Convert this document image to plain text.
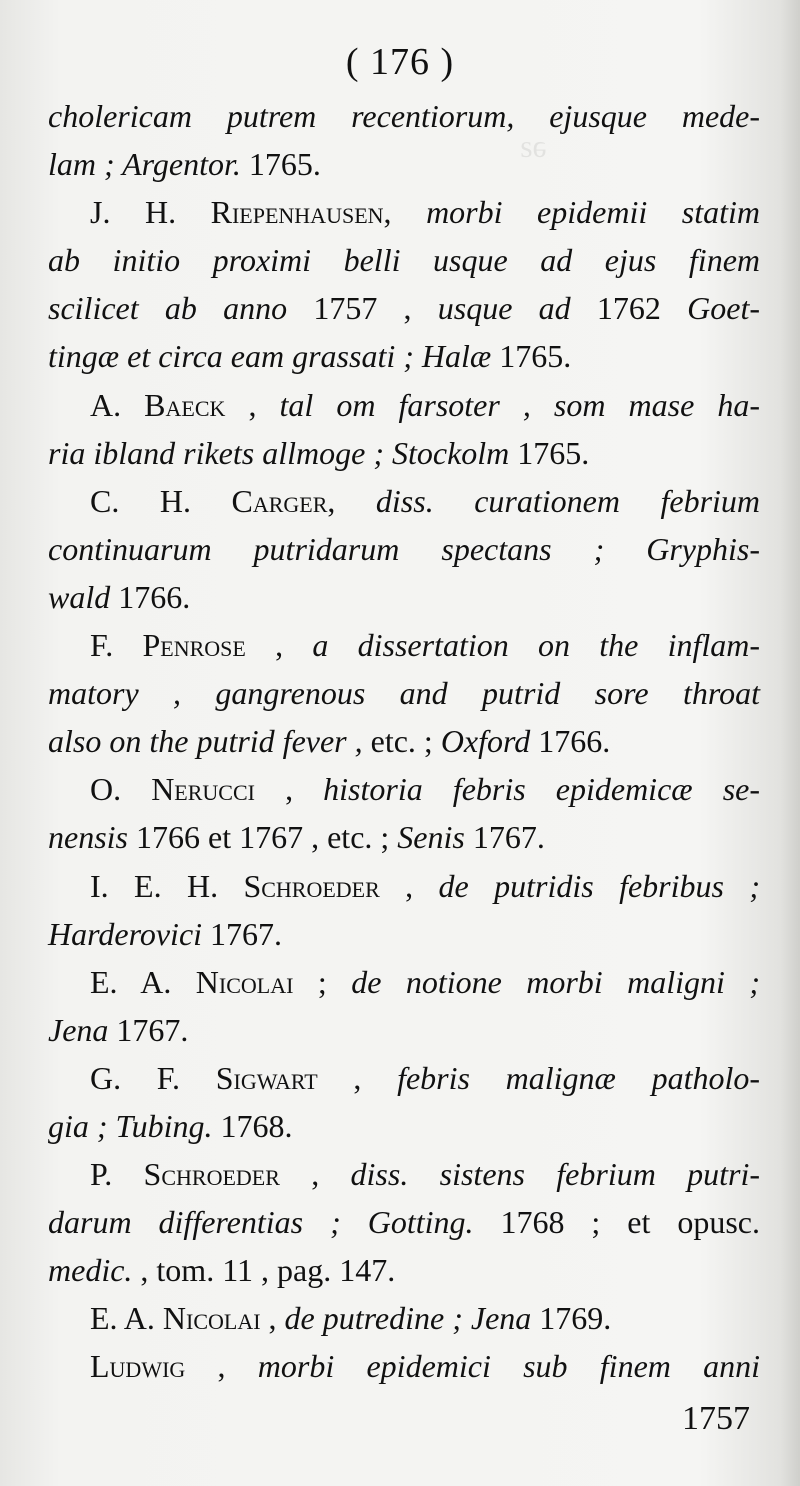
ǝƨ
( 176 )
cholericam putrem recentiorum, ejusque mede-
lam ; Argentor. 1765.
J. H. Riepenhausen, morbi epidemii statim
ab initio proximi belli usque ad ejus finem
scilicet ab anno 1757 , usque ad 1762 Goet-
tingæ et circa eam grassati ; Halæ 1765.
A. Baeck , tal om farsoter , som mase ha-
ria ibland rikets allmoge ; Stockolm 1765.
C. H. Carger, diss. curationem febrium
continuarum putridarum spectans ; Gryphis-
wald 1766.
F. Penrose , a dissertation on the inflam-
matory , gangrenous and putrid sore throat
also on the putrid fever , etc. ; Oxford 1766.
O. Nerucci , historia febris epidemicæ se-
nensis 1766 et 1767 , etc. ; Senis 1767.
I. E. H. Schroeder , de putridis febribus ;
Harderovici 1767.
E. A. Nicolai ; de notione morbi maligni ;
Jena 1767.
G. F. Sigwart , febris malignæ patholo-
gia ; Tubing. 1768.
P. Schroeder , diss. sistens febrium putri-
darum differentias ; Gotting. 1768 ; et opusc.
medic. , tom. 11 , pag. 147.
E. A. Nicolai , de putredine ; Jena 1769.
Ludwig , morbi epidemici sub finem anni
1757
